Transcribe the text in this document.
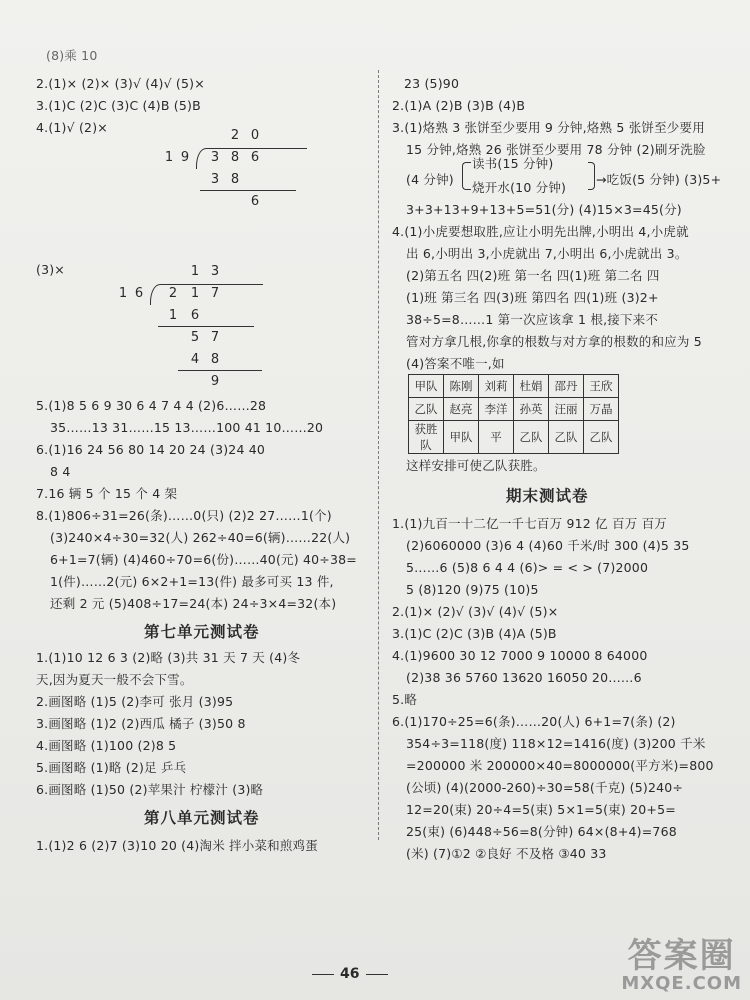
(8)乘 10
2.(1)× (2)× (3)√ (4)√ (5)×
3.(1)C (2)C (3)C (4)B (5)B
4.(1)√ (2)×
2 0
1 9 3 8 6
3 8
6
(3)×	1 3
1 6 2 1 7
1 6
5 7
4 8
9
5.(1)8 5 6 9 30 6 4 7 4 4 (2)6……28
35……13 31……15 13……100 41 10……20
6.(1)16 24 56 80 14 20 24 (3)24 40
8 4
7.16 辆 5 个 15 个 4 架
8.(1)806÷31=26(条)……0(只) (2)2 27……1(个)
(3)240×4÷30=32(人) 262÷40=6(辆)……22(人)
6+1=7(辆) (4)460÷70=6(份)……40(元) 40÷38=
1(件)……2(元) 6×2+1=13(件) 最多可买 13 件,
还剩 2 元 (5)408÷17=24(本) 24÷3×4=32(本)
第七单元测试卷
1.(1)10 12 6 3 (2)略 (3)共 31 天 7 天 (4)冬
天,因为夏天一般不会下雪。
2.画图略 (1)5 (2)李可 张月 (3)95
3.画图略 (1)2 (2)西瓜 橘子 (3)50 8
4.画图略 (1)100 (2)8 5
5.画图略 (1)略 (2)足 乒乓
6.画图略 (1)50 (2)苹果汁 柠檬汁 (3)略
第八单元测试卷
1.(1)2 6 (2)7 (3)10 20 (4)淘米 拌小菜和煎鸡蛋
23 (5)90
2.(1)A (2)B (3)B (4)B
3.(1)烙熟 3 张饼至少要用 9 分钟,烙熟 5 张饼至少要用
15 分钟,烙熟 26 张饼至少要用 78 分钟 (2)刷牙洗脸
(4 分钟)
读书(15 分钟)
烧开水(10 分钟)
→吃饭(5 分钟) (3)5+
3+3+13+9+13+5=51(分) (4)15×3=45(分)
4.(1)小虎要想取胜,应让小明先出牌,小明出 4,小虎就
出 6,小明出 3,小虎就出 7,小明出 6,小虎就出 3。
(2)第五名 四(2)班 第一名 四(1)班 第二名 四
(1)班 第三名 四(3)班 第四名 四(1)班 (3)2+
38÷5=8……1 第一次应该拿 1 根,接下来不
管对方拿几根,你拿的根数与对方拿的根数的和应为 5
(4)答案不唯一,如
甲队	陈刚	刘莉	杜娟	邵丹	王欣
乙队	赵亮	李洋	孙英	汪丽	万晶
获胜队	甲队	平	乙队	乙队	乙队
这样安排可使乙队获胜。
期末测试卷
1.(1)九百一十二亿一千七百万 912 亿 百万 百万
(2)6060000 (3)6 4 (4)60 千米/时 300 (4)5 35
5……6 (5)8 6 4 4 (6)> = < > (7)2000
5 (8)120 (9)75 (10)5
2.(1)× (2)√ (3)√ (4)√ (5)×
3.(1)C (2)C (3)B (4)A (5)B
4.(1)9600 30 12 7000 9 10000 8 64000
(2)38 36 5760 13620 16050 20……6
5.略
6.(1)170÷25=6(条)……20(人) 6+1=7(条) (2)
354÷3=118(度) 118×12=1416(度) (3)200 千米
=200000 米 200000×40=8000000(平方米)=800
(公顷) (4)(2000-260)÷30=58(千克) (5)240÷
12=20(束) 20÷4=5(束) 5×1=5(束) 20+5=
25(束) (6)448÷56=8(分钟) 64×(8+4)=768
(米) (7)①2 ②良好 不及格 ③40 33
46	答案圈
MXQE.COM
